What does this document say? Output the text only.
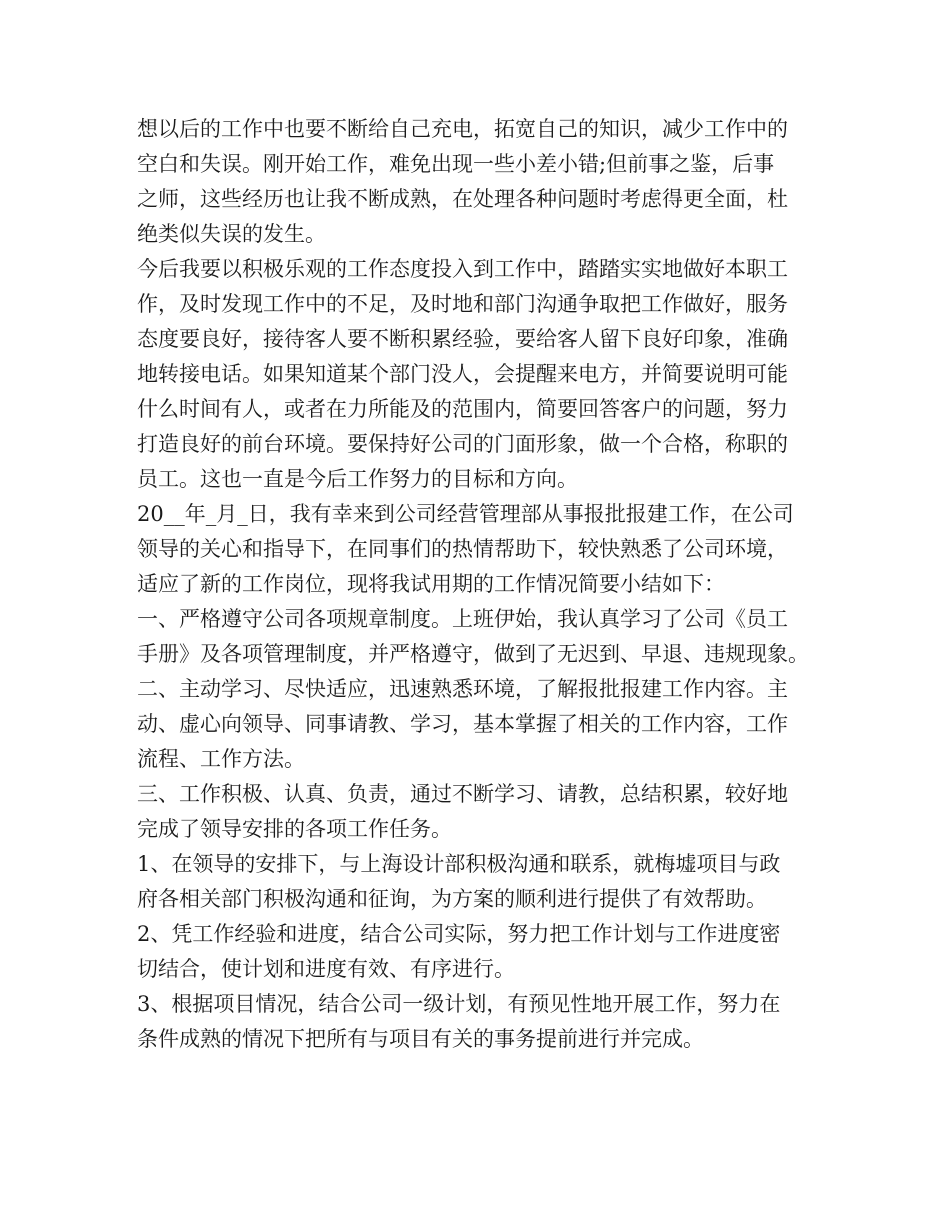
想以后的工作中也要不断给自己充电，拓宽自己的知识，减少工作中的
空白和失误。刚开始工作，难免出现一些小差小错;但前事之鉴，后事
之师，这些经历也让我不断成熟，在处理各种问题时考虑得更全面，杜
绝类似失误的发生。
今后我要以积极乐观的工作态度投入到工作中，踏踏实实地做好本职工
作，及时发现工作中的不足，及时地和部门沟通争取把工作做好，服务
态度要良好，接待客人要不断积累经验，要给客人留下良好印象，准确
地转接电话。如果知道某个部门没人，会提醒来电方，并简要说明可能
什么时间有人，或者在力所能及的范围内，简要回答客户的问题，努力
打造良好的前台环境。要保持好公司的门面形象，做一个合格，称职的
员工。这也一直是今后工作努力的目标和方向。
20__年_月_日，我有幸来到公司经营管理部从事报批报建工作，在公司
领导的关心和指导下，在同事们的热情帮助下，较快熟悉了公司环境，
适应了新的工作岗位，现将我试用期的工作情况简要小结如下：
一、严格遵守公司各项规章制度。上班伊始，我认真学习了公司《员工
手册》及各项管理制度，并严格遵守，做到了无迟到、早退、违规现象。
二、主动学习、尽快适应，迅速熟悉环境，了解报批报建工作内容。主
动、虚心向领导、同事请教、学习，基本掌握了相关的工作内容，工作
流程、工作方法。
三、工作积极、认真、负责，通过不断学习、请教，总结积累，较好地
完成了领导安排的各项工作任务。
1、在领导的安排下，与上海设计部积极沟通和联系，就梅墟项目与政
府各相关部门积极沟通和征询，为方案的顺利进行提供了有效帮助。
2、凭工作经验和进度，结合公司实际，努力把工作计划与工作进度密
切结合，使计划和进度有效、有序进行。
3、根据项目情况，结合公司一级计划，有预见性地开展工作，努力在
条件成熟的情况下把所有与项目有关的事务提前进行并完成。
